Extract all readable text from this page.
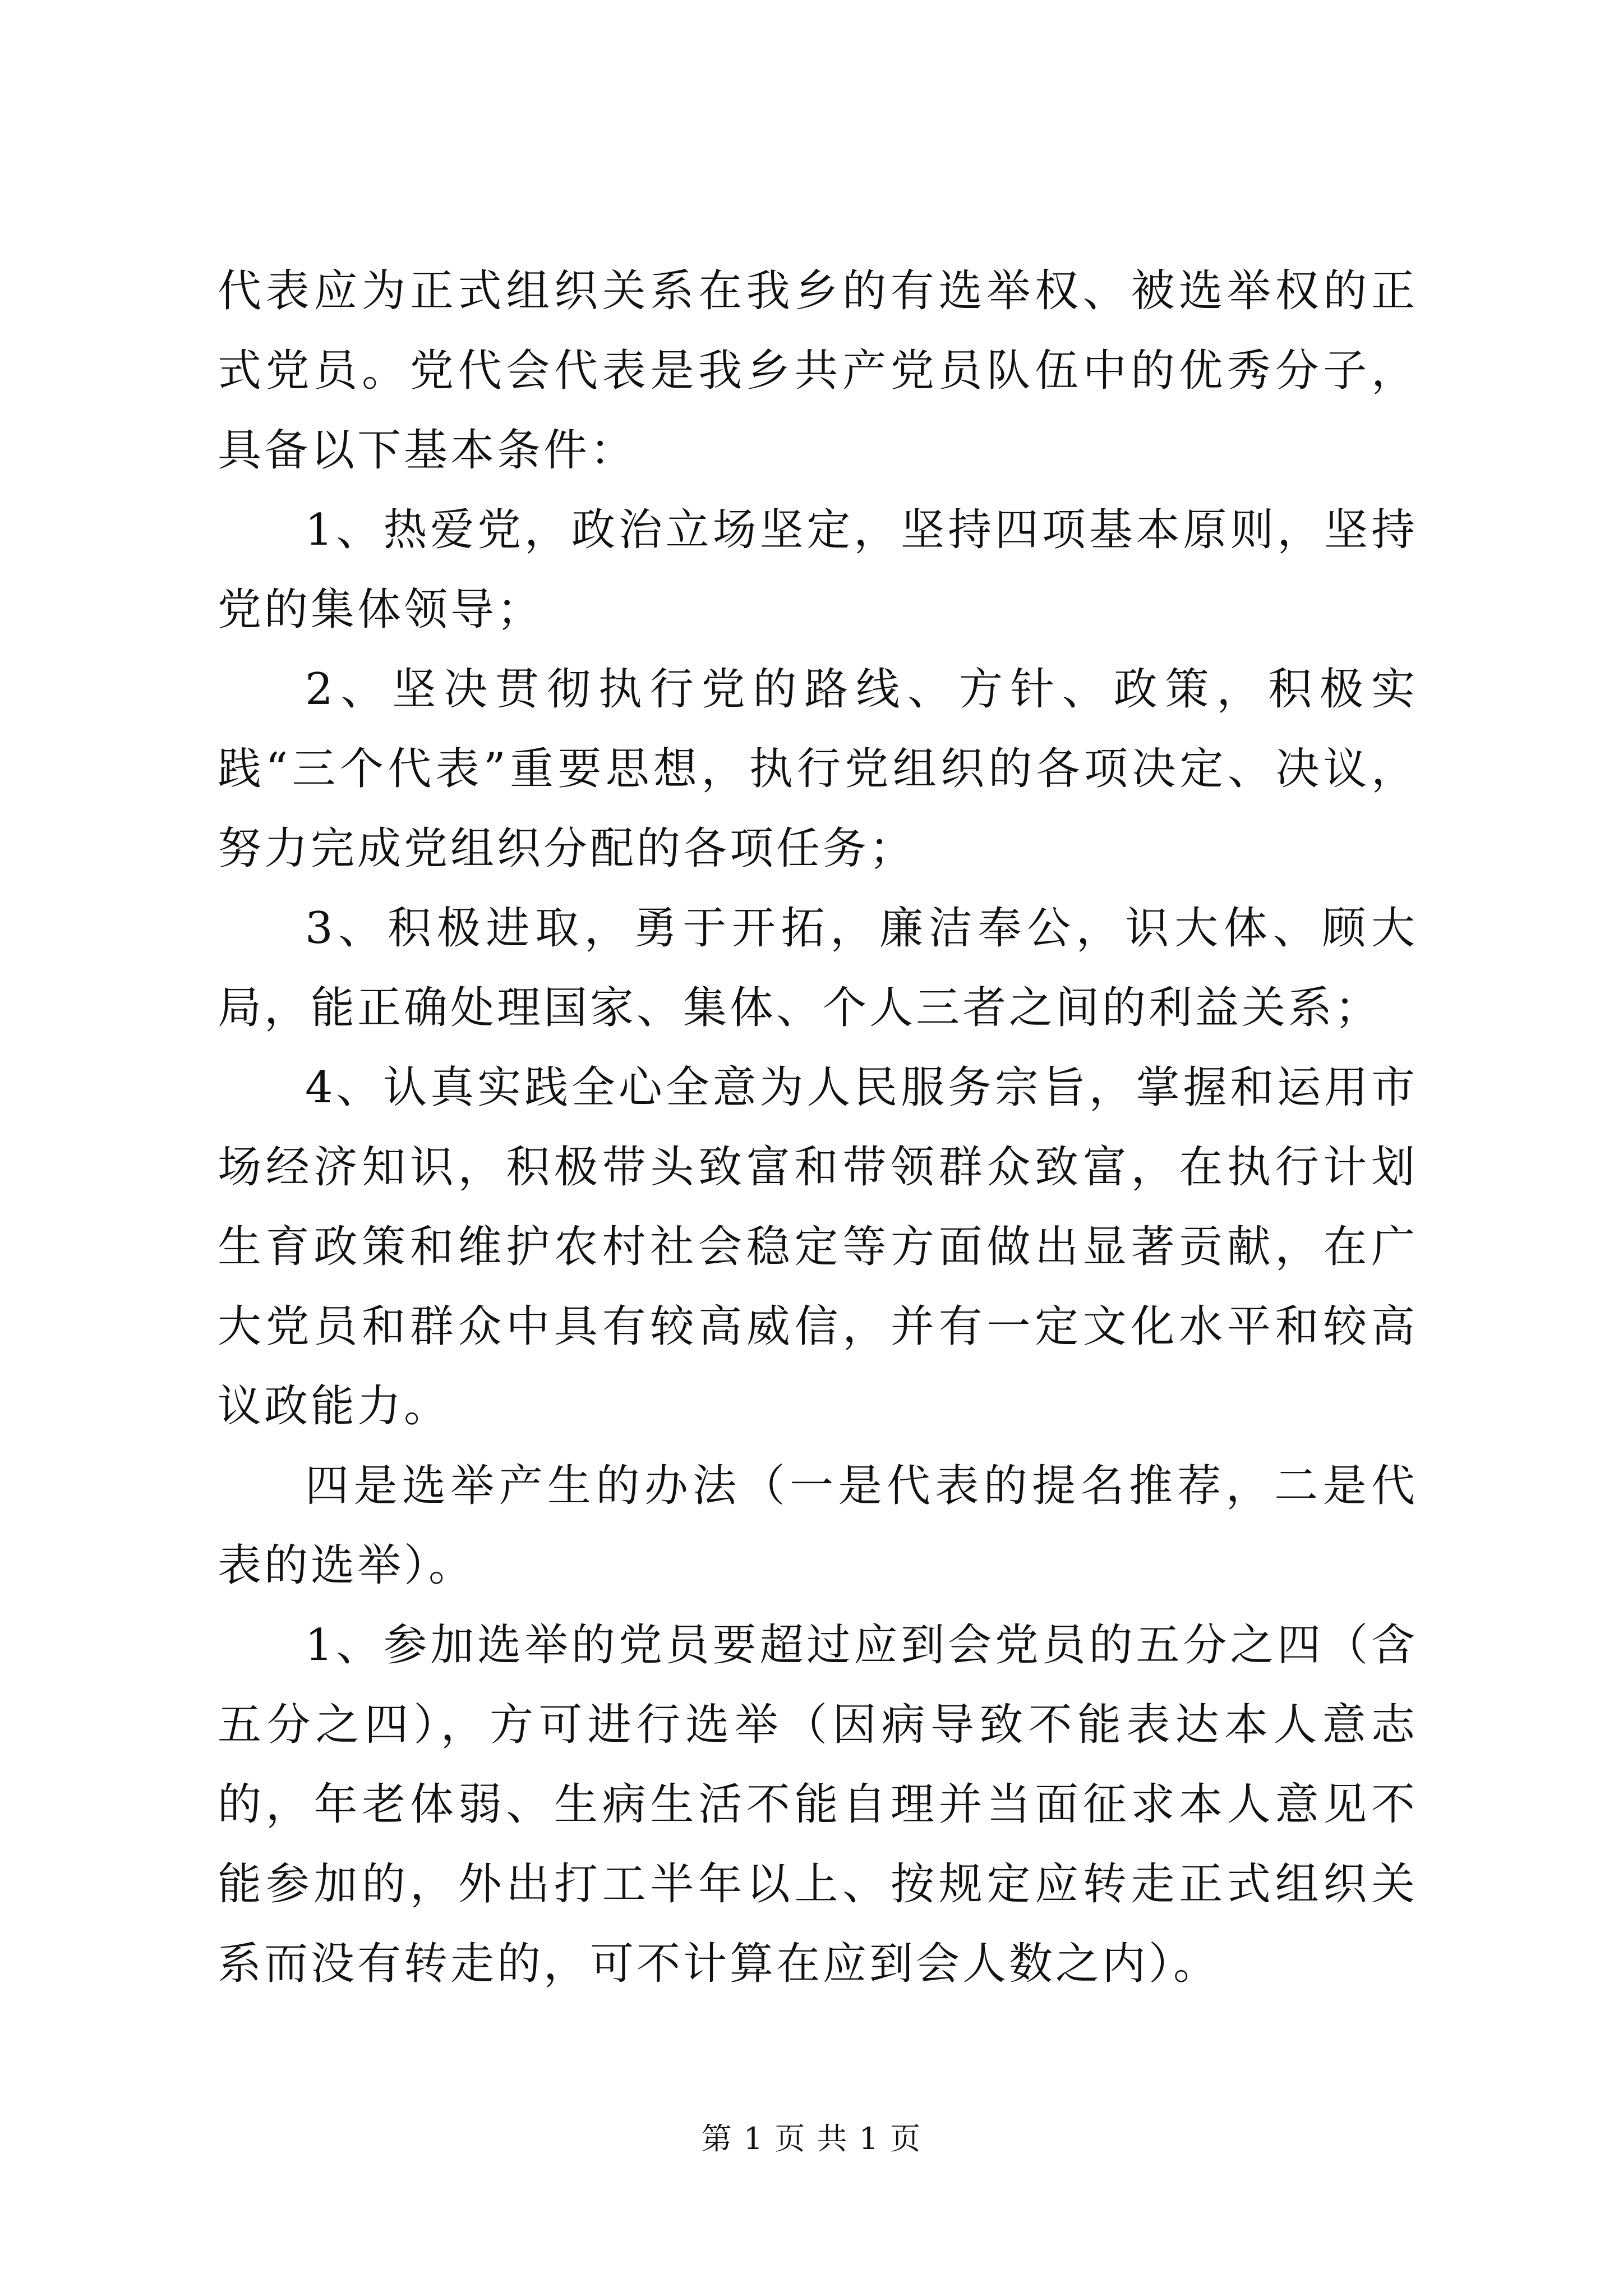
代表应为正式组织关系在我乡的有选举权、被选举权的正式党员。党代会代表是我乡共产党员队伍中的优秀分子，具备以下基本条件：

1、热爱党，政治立场坚定，坚持四项基本原则，坚持党的集体领导；

2、坚决贯彻执行党的路线、方针、政策，积极实践“三个代表”重要思想，执行党组织的各项决定、决议，努力完成党组织分配的各项任务；

3、积极进取，勇于开拓，廉洁奉公，识大体、顾大局，能正确处理国家、集体、个人三者之间的利益关系；

4、认真实践全心全意为人民服务宗旨，掌握和运用市场经济知识，积极带头致富和带领群众致富，在执行计划生育政策和维护农村社会稳定等方面做出显著贡献，在广大党员和群众中具有较高威信，并有一定文化水平和较高议政能力。

四是选举产生的办法（一是代表的提名推荐，二是代表的选举）。

1、参加选举的党员要超过应到会党员的五分之四（含五分之四），方可进行选举（因病导致不能表达本人意志的，年老体弱、生病生活不能自理并当面征求本人意见不能参加的，外出打工半年以上、按规定应转走正式组织关系而没有转走的，可不计算在应到会人数之内）。

第 1 页 共 1 页
